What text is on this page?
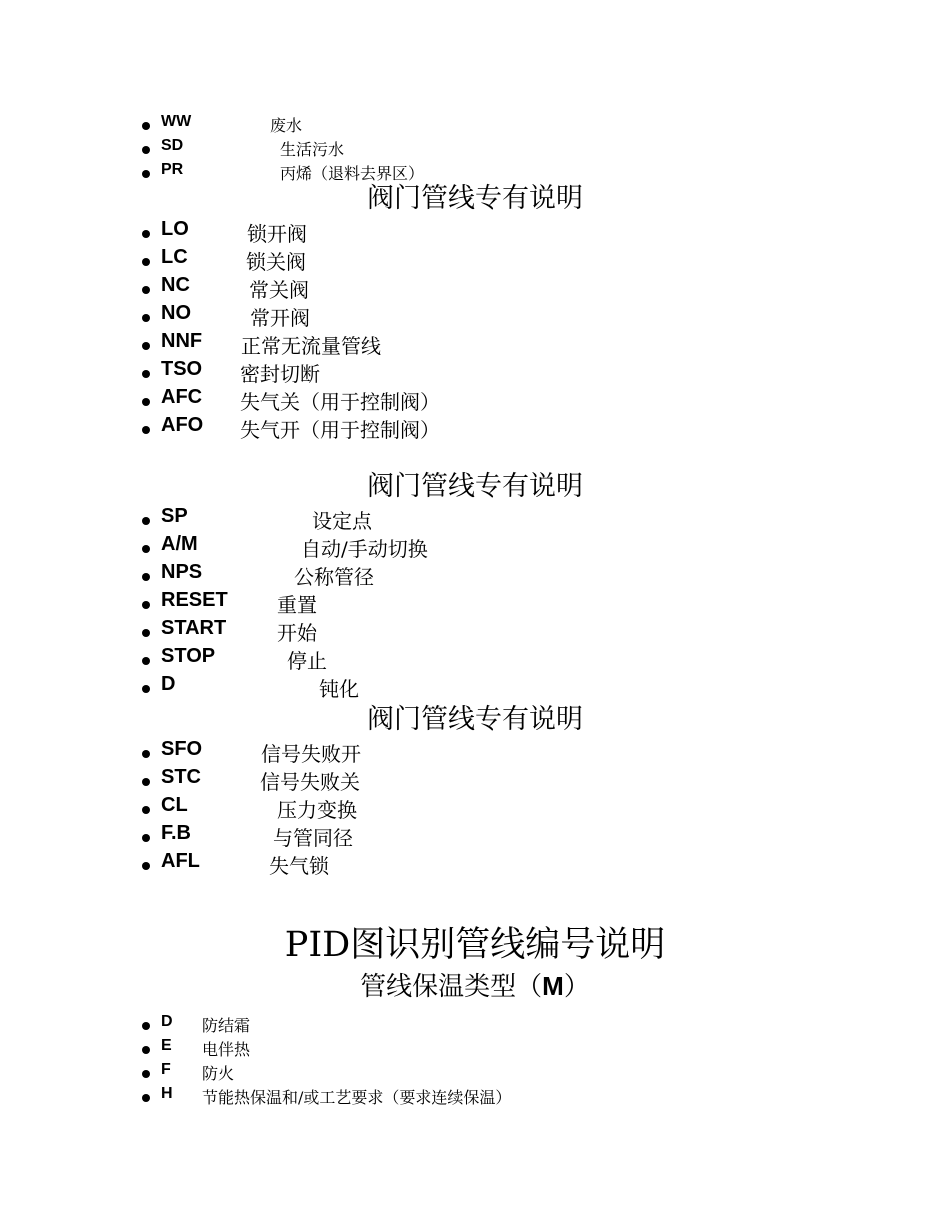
WW	废水
SD	生活污水
PR	丙烯（退料去界区）
阀门管线专有说明
LO	锁开阀
LC	锁关阀
NC	常关阀
NO	常开阀
NNF 正常无流量管线
TSO 密封切断
AFC 失气关（用于控制阀）
AFO 失气开（用于控制阀）
阀门管线专有说明
SP	设定点
A/M	自动/手动切换
NPS	公称管径
RESET 重置
START	开始
STOP	停止
D	钝化
阀门管线专有说明
SFO	信号失败开
STC	信号失败关
CL	压力变换
F.B	与管同径
AFL	失气锁
PID图识别管线编号说明
管线保温类型（M）
D 防结霜
E 电伴热
F 防火
H 节能热保温和/或工艺要求（要求连续保温）
